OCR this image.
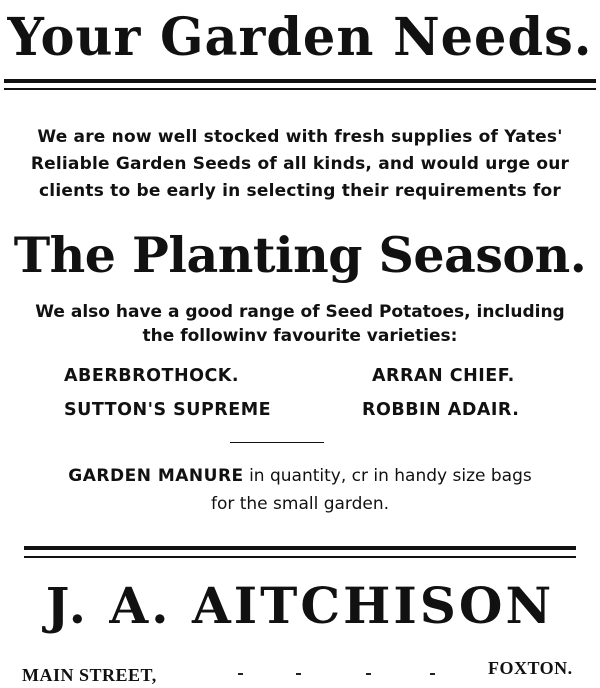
Your Garden Needs.
We are now well stocked with fresh supplies of Yates'
Reliable Garden Seeds of all kinds, and would urge our
clients to be early in selecting their requirements for
The Planting Season.
We also have a good range of Seed Potatoes, including
the followinv favourite varieties:
ABERBROTHOCK.	ARRAN CHIEF.
SUTTON'S SUPREME	ROBBIN ADAIR.
GARDEN MANURE in quantity, cr in handy size bags
for the small garden.
J. A. AITCHISON
MAIN STREET,	FOXTON.
